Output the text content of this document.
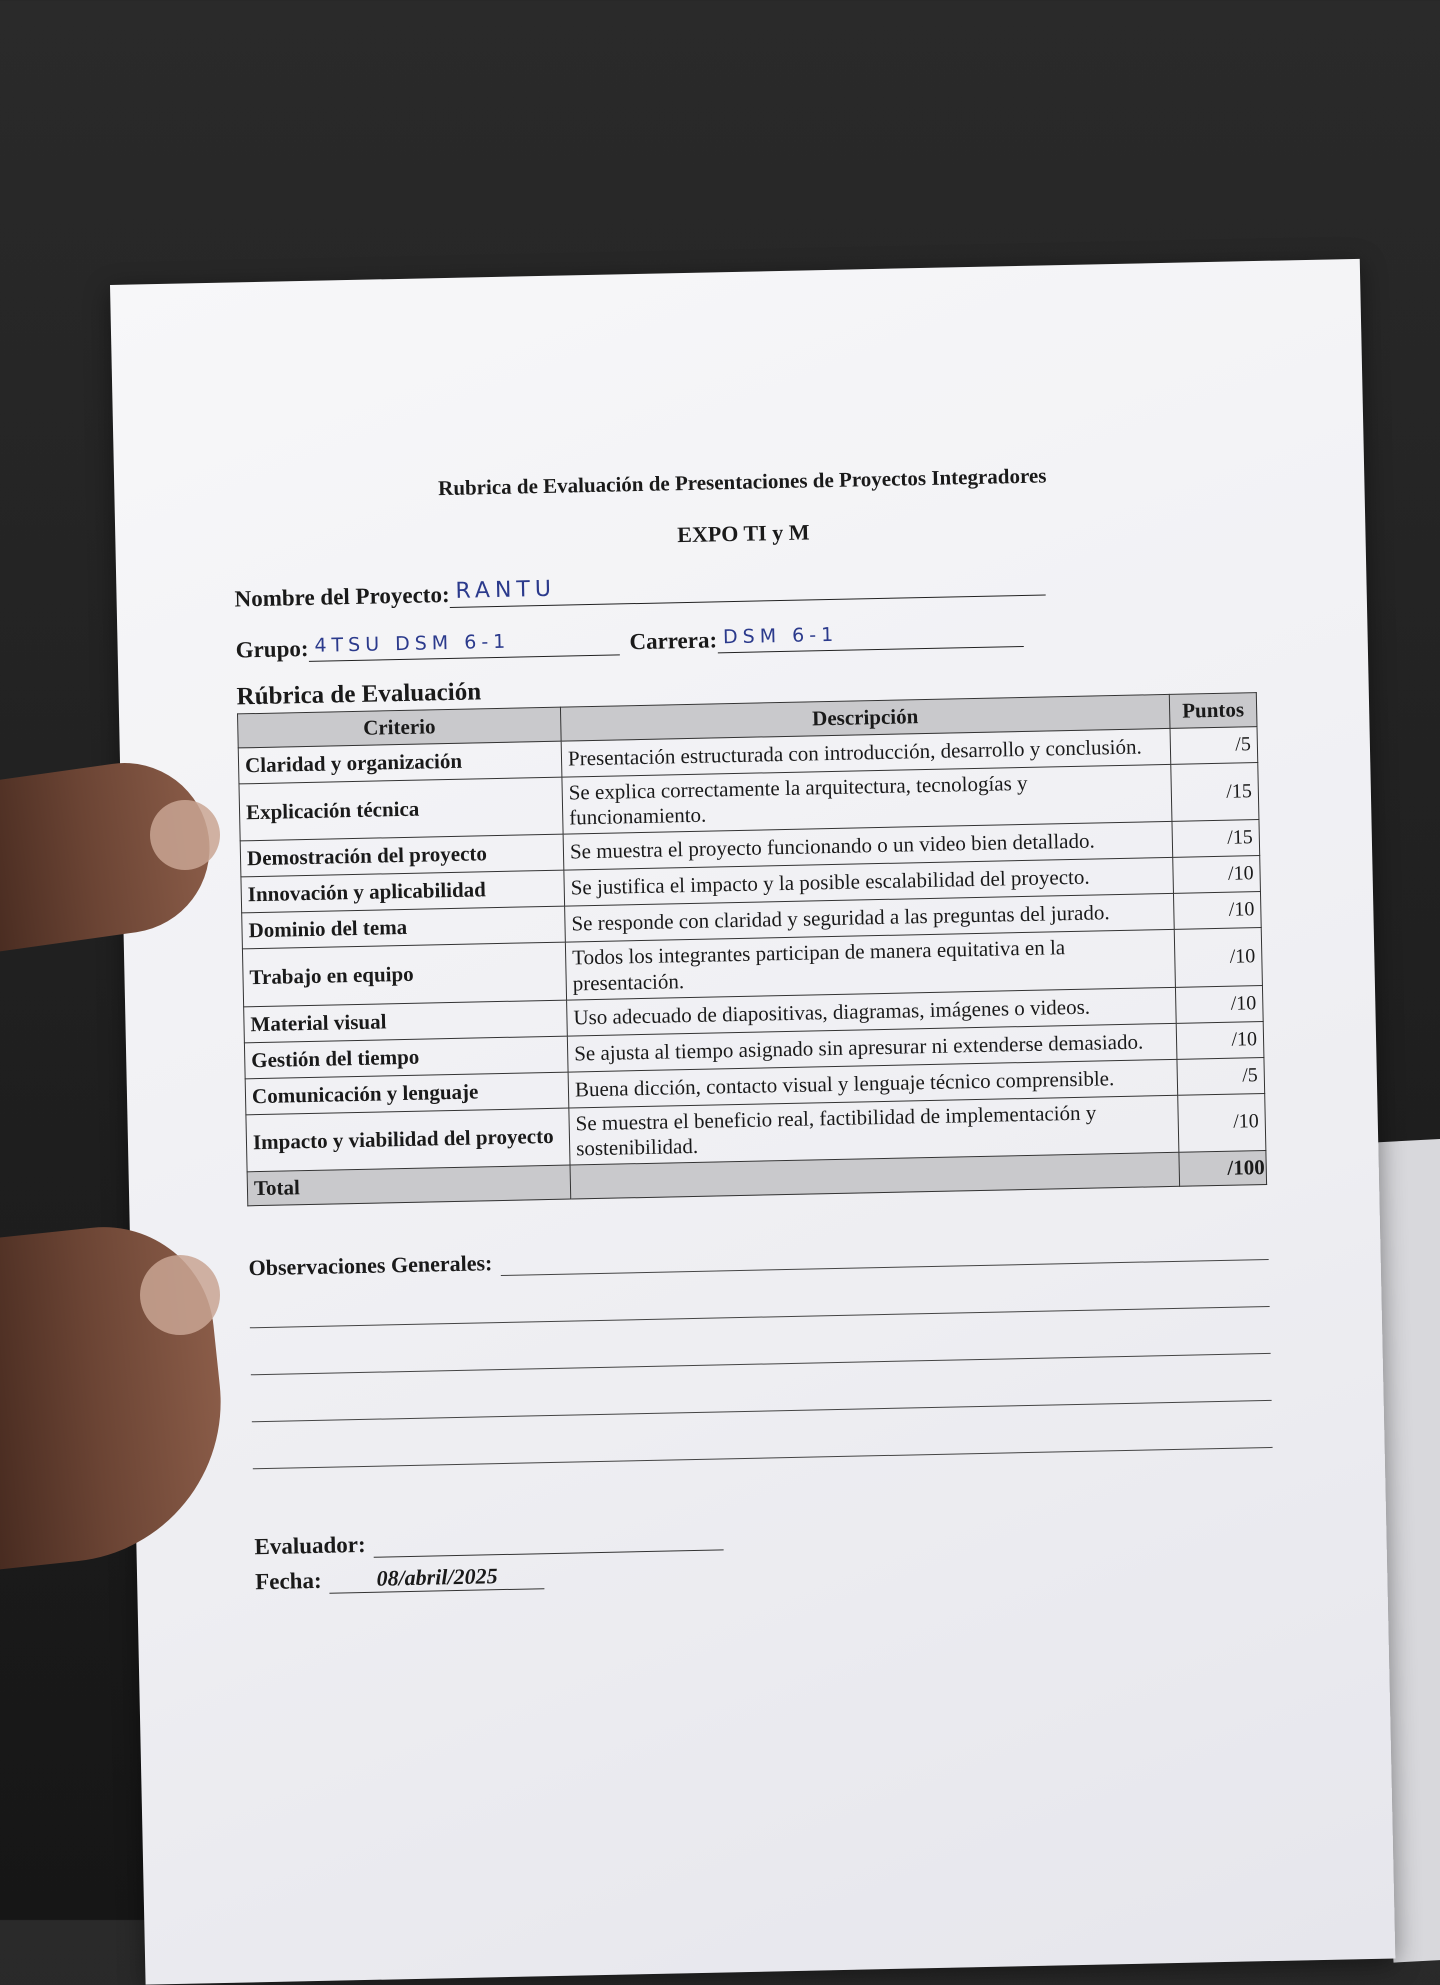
Rubrica de Evaluación de Presentaciones de Proyectos Integradores

EXPO TI y M

Nombre del Proyecto: RANTU
Grupo: 4TSU DSM 6-1	Carrera: DSM 6-1

Rúbrica de Evaluación

Criterio	Descripción	Puntos
Claridad y organización	Presentación estructurada con introducción, desarrollo y conclusión.	/5
Explicación técnica	Se explica correctamente la arquitectura, tecnologías y funcionamiento.	/15
Demostración del proyecto	Se muestra el proyecto funcionando o un video bien detallado.	/15
Innovación y aplicabilidad	Se justifica el impacto y la posible escalabilidad del proyecto.	/10
Dominio del tema	Se responde con claridad y seguridad a las preguntas del jurado.	/10
Trabajo en equipo	Todos los integrantes participan de manera equitativa en la presentación.	/10
Material visual	Uso adecuado de diapositivas, diagramas, imágenes o videos.	/10
Gestión del tiempo	Se ajusta al tiempo asignado sin apresurar ni extenderse demasiado.	/10
Comunicación y lenguaje	Buena dicción, contacto visual y lenguaje técnico comprensible.	/5
Impacto y viabilidad del proyecto	Se muestra el beneficio real, factibilidad de implementación y sostenibilidad.	/10
Total		/100
Observaciones Generales:
Evaluador:
Fecha:	08/abril/2025
